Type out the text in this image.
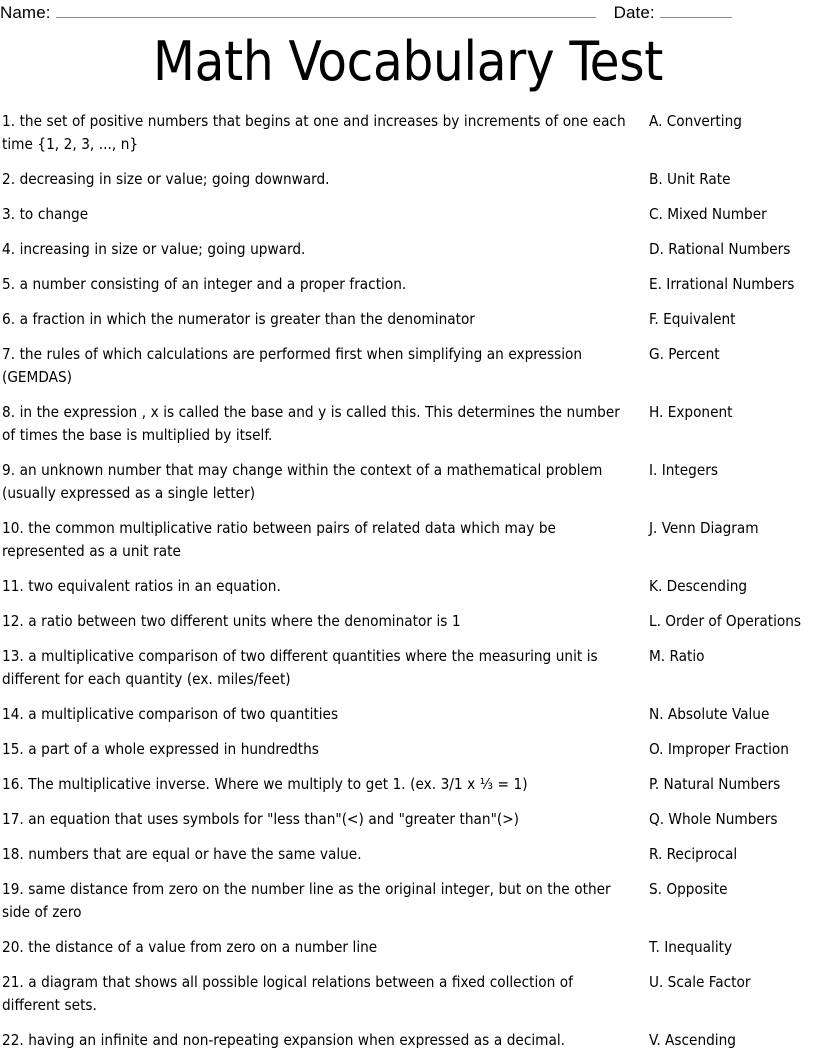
Name:	Date:
Math Vocabulary Test
1. the set of positive numbers that begins at one and increases by increments of one each time {1, 2, 3, ..., n}
2. decreasing in size or value; going downward.
3. to change
4. increasing in size or value; going upward.
5. a number consisting of an integer and a proper fraction.
6. a fraction in which the numerator is greater than the denominator
7. the rules of which calculations are performed first when simplifying an expression (GEMDAS)
8. in the expression , x is called the base and y is called this. This determines the number of times the base is multiplied by itself.
9. an unknown number that may change within the context of a mathematical problem (usually expressed as a single letter)
10. the common multiplicative ratio between pairs of related data which may be represented as a unit rate
11. two equivalent ratios in an equation.
12. a ratio between two different units where the denominator is 1
13. a multiplicative comparison of two different quantities where the measuring unit is different for each quantity (ex. miles/feet)
14. a multiplicative comparison of two quantities
15. a part of a whole expressed in hundredths
16. The multiplicative inverse. Where we multiply to get 1. (ex. 3/1 x ⅓ = 1)
17. an equation that uses symbols for "less than"(<) and "greater than"(>)
18. numbers that are equal or have the same value.
19. same distance from zero on the number line as the original integer, but on the other side of zero
20. the distance of a value from zero on a number line
21. a diagram that shows all possible logical relations between a fixed collection of different sets.
22. having an infinite and non-repeating expansion when expressed as a decimal.
A. Converting
B. Unit Rate
C. Mixed Number
D. Rational Numbers
E. Irrational Numbers
F. Equivalent
G. Percent
H. Exponent
I. Integers
J. Venn Diagram
K. Descending
L. Order of Operations
M. Ratio
N. Absolute Value
O. Improper Fraction
P. Natural Numbers
Q. Whole Numbers
R. Reciprocal
S. Opposite
T. Inequality
U. Scale Factor
V. Ascending
